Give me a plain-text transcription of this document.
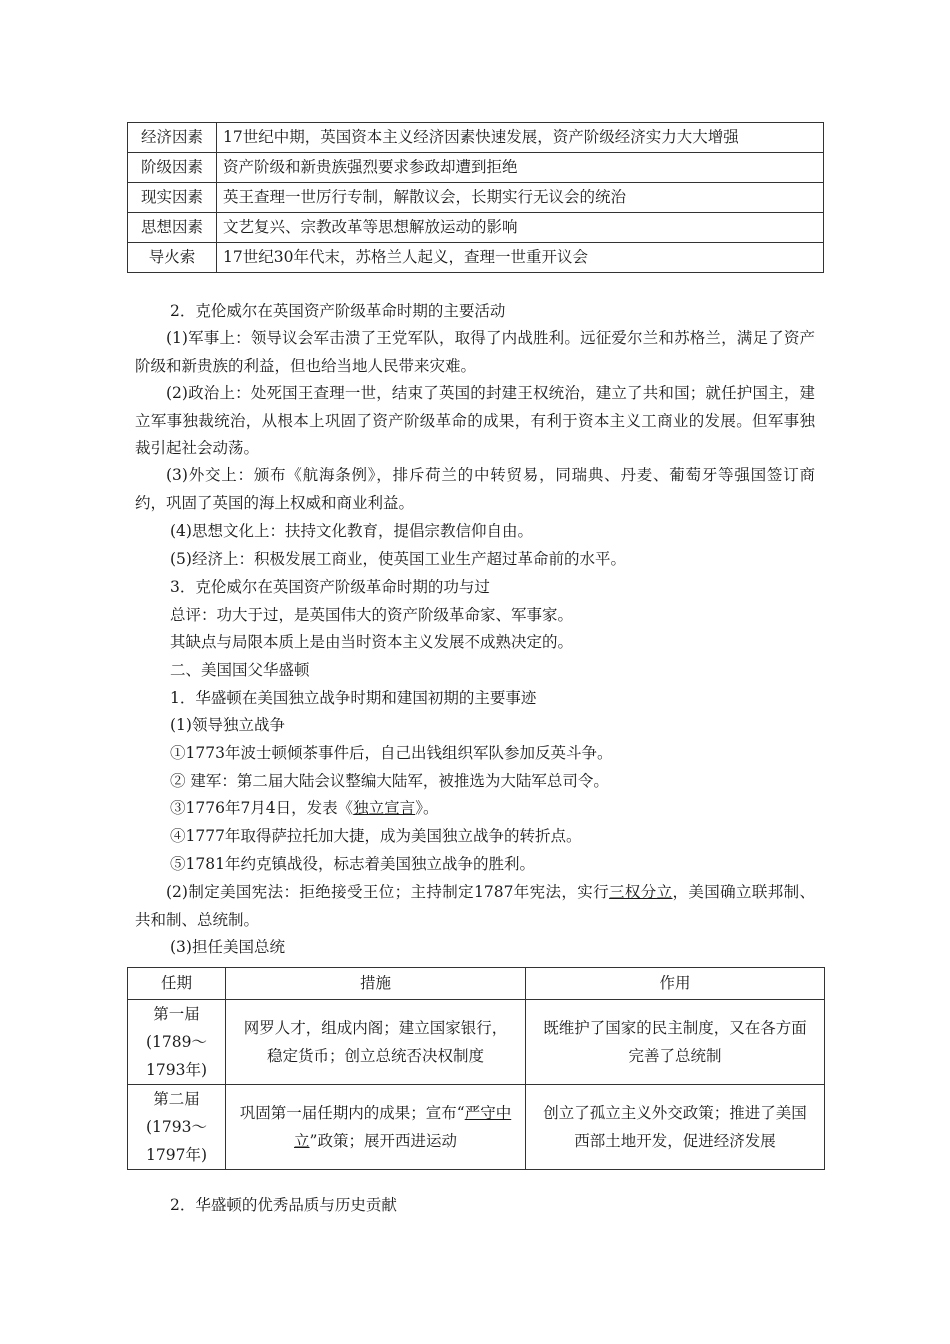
经济因素	17世纪中期，英国资本主义经济因素快速发展，资产阶级经济实力大大增强
阶级因素	资产阶级和新贵族强烈要求参政却遭到拒绝
现实因素	英王查理一世厉行专制，解散议会，长期实行无议会的统治
思想因素	文艺复兴、宗教改革等思想解放运动的影响
导火索	17世纪30年代末，苏格兰人起义，查理一世重开议会
2．克伦威尔在英国资产阶级革命时期的主要活动

(1)军事上：领导议会军击溃了王党军队，取得了内战胜利。远征爱尔兰和苏格兰，满足了资产阶级和新贵族的利益，但也给当地人民带来灾难。

(2)政治上：处死国王查理一世，结束了英国的封建王权统治，建立了共和国；就任护国主，建立军事独裁统治，从根本上巩固了资产阶级革命的成果，有利于资本主义工商业的发展。但军事独裁引起社会动荡。

(3)外交上：颁布《航海条例》，排斥荷兰的中转贸易，同瑞典、丹麦、葡萄牙等强国签订商约，巩固了英国的海上权威和商业利益。

(4)思想文化上：扶持文化教育，提倡宗教信仰自由。
(5)经济上：积极发展工商业，使英国工业生产超过革命前的水平。
3．克伦威尔在英国资产阶级革命时期的功与过
总评：功大于过，是英国伟大的资产阶级革命家、军事家。
其缺点与局限本质上是由当时资本主义发展不成熟决定的。
二、美国国父华盛顿
1．华盛顿在美国独立战争时期和建国初期的主要事迹
(1)领导独立战争
①1773年波士顿倾茶事件后，自己出钱组织军队参加反英斗争。
② 建军：第二届大陆会议整编大陆军，被推选为大陆军总司令。
③1776年7月4日，发表《独立宣言》。
④1777年取得萨拉托加大捷，成为美国独立战争的转折点。
⑤1781年约克镇战役，标志着美国独立战争的胜利。

(2)制定美国宪法：拒绝接受王位；主持制定1787年宪法，实行三权分立，美国确立联邦制、共和制、总统制。

(3)担任美国总统
任期	措施	作用
第一届
(1789～
1793年)	网罗人才，组成内阁；建立国家银行，稳定货币；创立总统否决权制度	既维护了国家的民主制度，又在各方面完善了总统制
第二届
(1793～
1797年)	巩固第一届任期内的成果；宣布“严守中立”政策；展开西进运动	创立了孤立主义外交政策；推进了美国西部土地开发，促进经济发展
2．华盛顿的优秀品质与历史贡献
